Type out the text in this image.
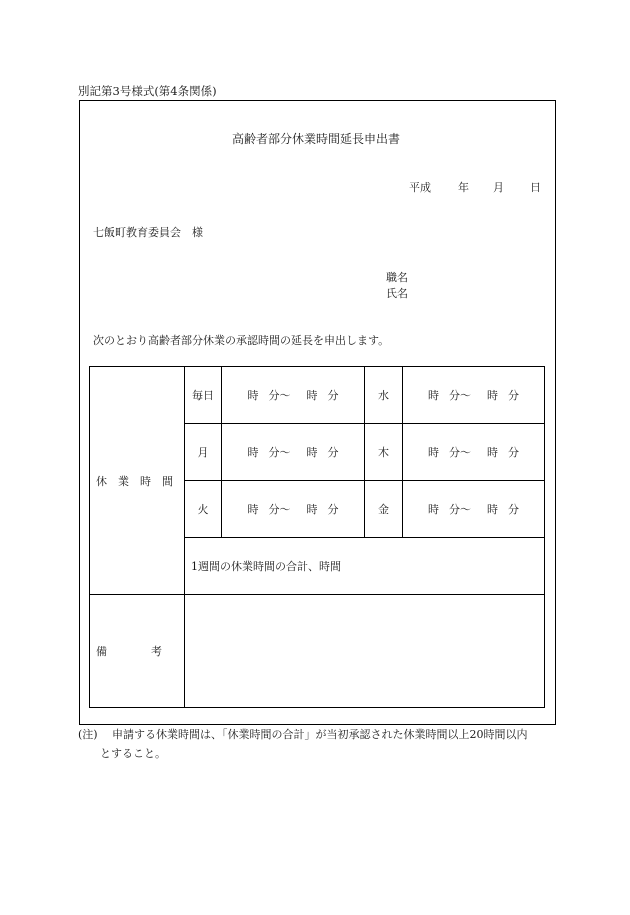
別記第3号様式(第4条関係)
高齢者部分休業時間延長申出書
平成 年 月 日
七飯町教育委員会　様
職名
氏名
次のとおり高齢者部分休業の承認時間の延長を申出します。
休業時間	毎日	時 分〜 時 分	水	時 分〜 時 分
	月	時 分〜 時 分	木	時 分〜 時 分
	火	時 分〜 時 分	金	時 分〜 時 分
	1週間の休業時間の合計、時間			
備　　　　考				
(注) 申請する休業時間は、「休業時間の合計」が当初承認された休業時間以上20時間以内
とすること。
